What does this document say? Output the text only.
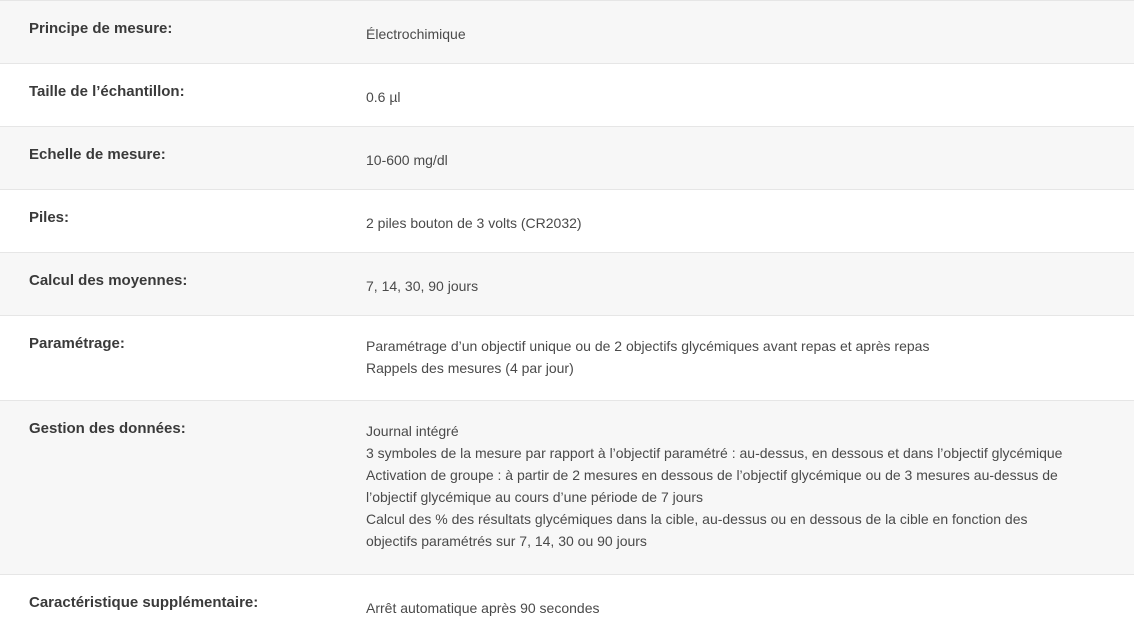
Principe de mesure:	Électrochimique
Taille de l’échantillon:	0.6 µl
Echelle de mesure:	10-600 mg/dl
Piles:	2 piles bouton de 3 volts (CR2032)
Calcul des moyennes:	7, 14, 30, 90 jours
Paramétrage:	Paramétrage d’un objectif unique ou de 2 objectifs glycémiques avant repas et après repas
Rappels des mesures (4 par jour)
Gestion des données:	Journal intégré
3 symboles de la mesure par rapport à l’objectif paramétré : au-dessus, en dessous et dans l’objectif glycémique
Activation de groupe : à partir de 2 mesures en dessous de l’objectif glycémique ou de 3 mesures au-dessus de
l’objectif glycémique au cours d’une période de 7 jours
Calcul des % des résultats glycémiques dans la cible, au-dessus ou en dessous de la cible en fonction des
objectifs paramétrés sur 7, 14, 30 ou 90 jours
Caractéristique supplémentaire:	Arrêt automatique après 90 secondes
